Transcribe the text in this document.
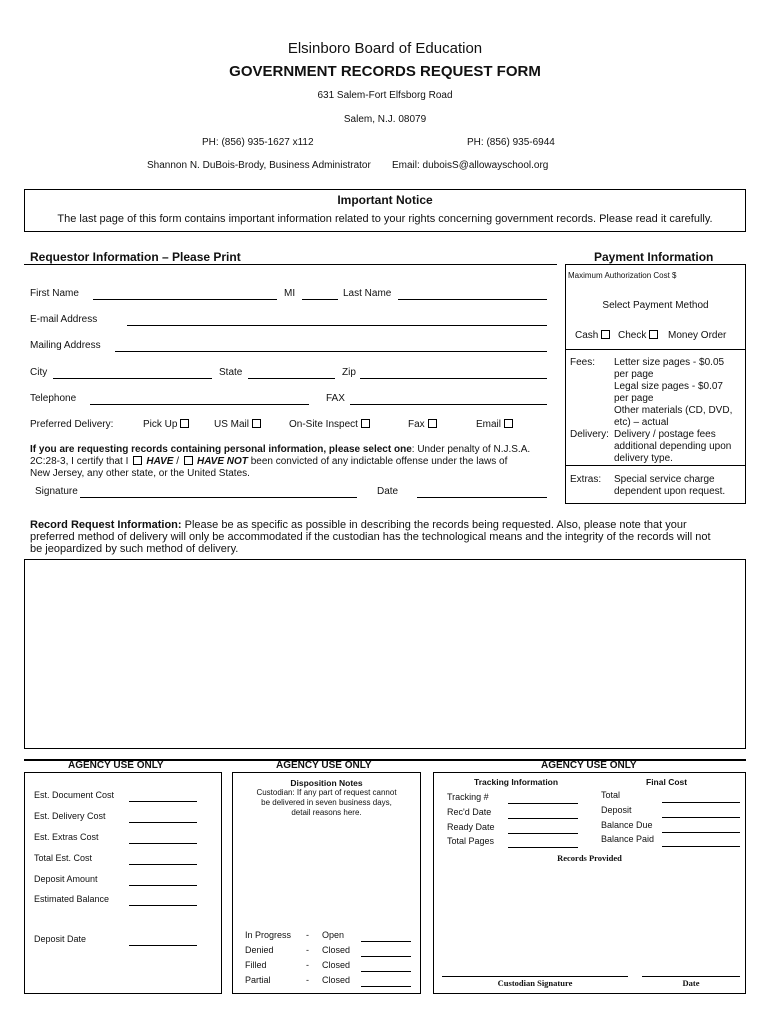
Elsinboro Board of Education
GOVERNMENT RECORDS REQUEST FORM
631 Salem-Fort Elfsborg Road
Salem, N.J. 08079
PH: (856) 935-1627 x112	PH: (856) 935-6944
Shannon N. DuBois-Brody, Business Administrator Email: duboisS@allowayschool.org
Important Notice
The last page of this form contains important information related to your rights concerning government records. Please read it carefully.
Requestor Information – Please Print
First Name	MI	Last Name
E-mail Address
Mailing Address
City	State	Zip
Telephone	FAX
Preferred Delivery:	Pick Up	US Mail	On-Site Inspect	Fax	Email
If you are requesting records containing personal information, please select one: Under penalty of N.J.S.A.
2C:28-3, I certify that I HAVE / HAVE NOT been convicted of any indictable offense under the laws of
New Jersey, any other state, or the United States.
Signature	Date
Payment Information
Maximum Authorization Cost $
Select Payment Method
Cash	Check	Money Order
Fees: Letter size pages - $0.05
per page
Legal size pages - $0.07
per page
Other materials (CD, DVD,
etc) – actual
Delivery: Delivery / postage fees
additional depending upon
delivery type.
Extras: Special service charge
dependent upon request.
Record Request Information: Please be as specific as possible in describing the records being requested. Also, please note that your
preferred method of delivery will only be accommodated if the custodian has the technological means and the integrity of the records will not
be jeopardized by such method of delivery.
AGENCY USE ONLY	AGENCY USE ONLY	AGENCY USE ONLY
Est. Document Cost
Est. Delivery Cost
Est. Extras Cost
Total Est. Cost
Deposit Amount
Estimated Balance
Deposit Date
Disposition Notes
Custodian: If any part of request cannot
be delivered in seven business days,
detail reasons here.
In Progress - Open
Denied	- Closed
Filled	- Closed
Partial	- Closed
Tracking Information	Final Cost
Tracking #
Rec'd Date
Ready Date
Total Pages
Total
Deposit
Balance Due
Balance Paid
Records Provided
Custodian Signature	Date
